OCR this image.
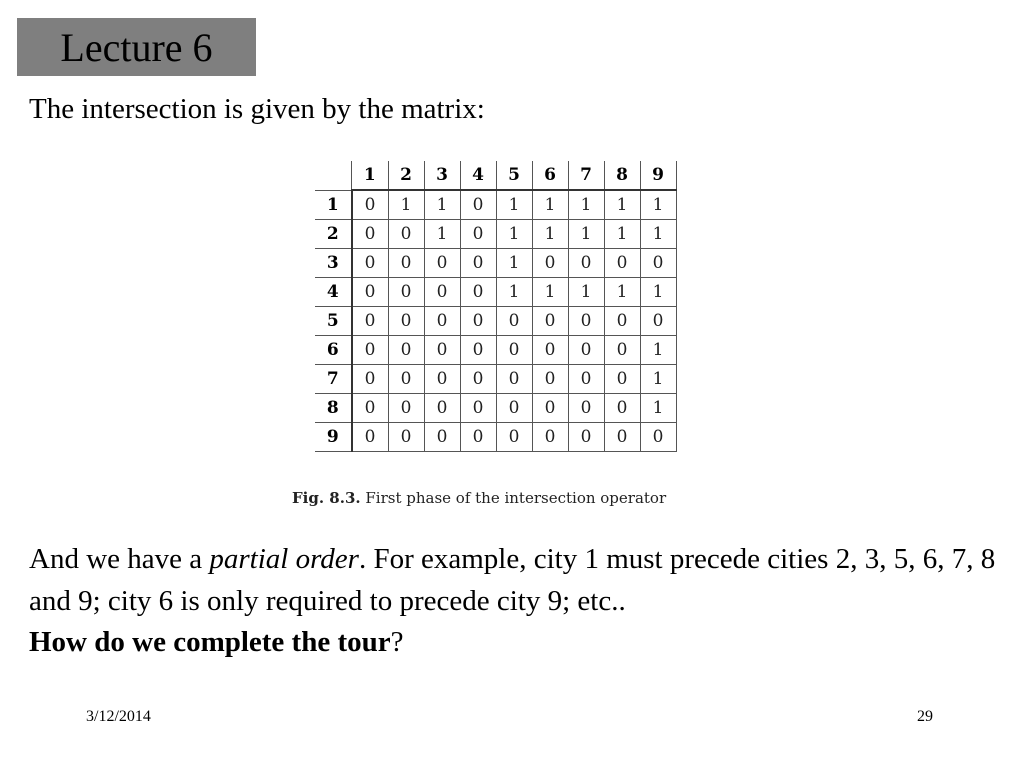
Lecture 6
The intersection is given by the matrix:
	1	2	3	4	5	6	7	8	9
1	0	1	1	0	1	1	1	1	1
2	0	0	1	0	1	1	1	1	1
3	0	0	0	0	1	0	0	0	0
4	0	0	0	0	1	1	1	1	1
5	0	0	0	0	0	0	0	0	0
6	0	0	0	0	0	0	0	0	1
7	0	0	0	0	0	0	0	0	1
8	0	0	0	0	0	0	0	0	1
9	0	0	0	0	0	0	0	0	0
Fig. 8.3. First phase of the intersection operator
And we have a partial order. For example, city 1 must precede cities 2, 3, 5, 6, 7, 8 and 9; city 6 is only required to precede city 9; etc..
How do we complete the tour?
3/12/2014	29
